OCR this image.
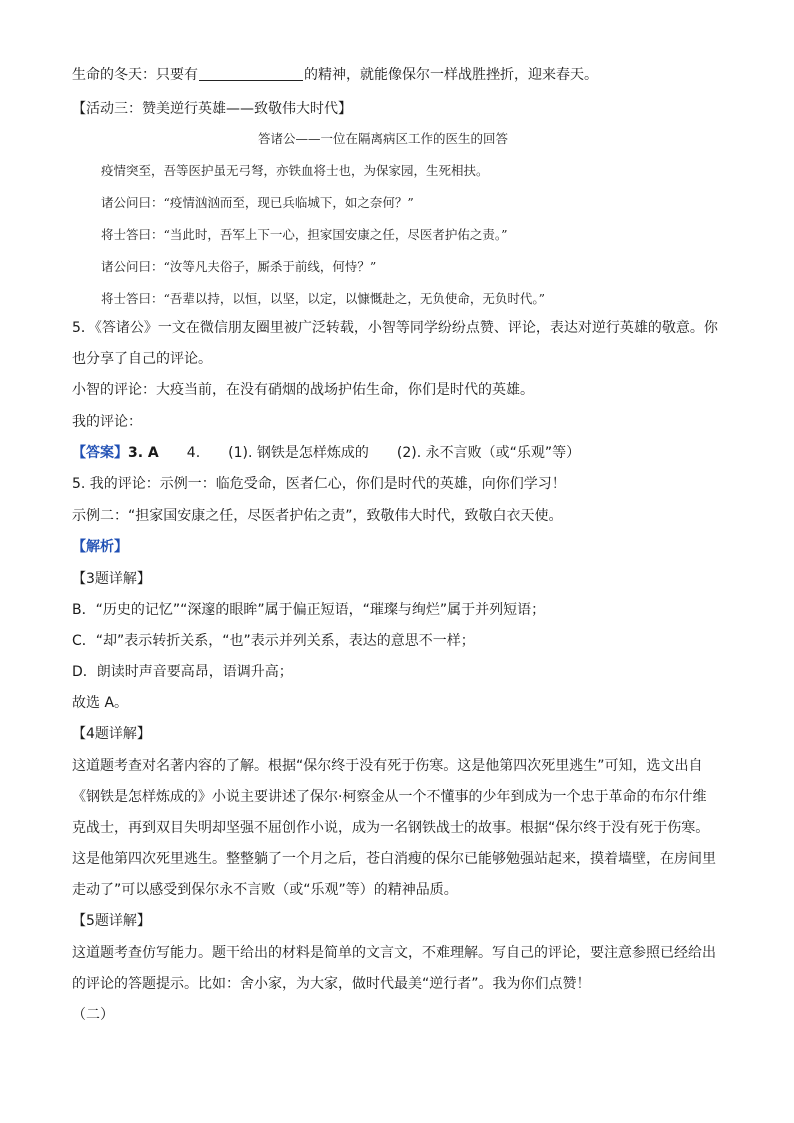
生命的冬天：只要有	的精神，就能像保尔一样战胜挫折，迎来春天。
【活动三：赞美逆行英雄——致敬伟大时代】
答诸公——一位在隔离病区工作的医生的回答
疫情突至，吾等医护虽无弓弩，亦铁血将士也，为保家园，生死相扶。
诸公问曰：“疫情汹汹而至，现已兵临城下，如之奈何？”
将士答曰：“当此时，吾军上下一心，担家国安康之任，尽医者护佑之责。”
诸公问曰：“汝等凡夫俗子，厮杀于前线，何恃？”
将士答曰：“吾辈以持，以恒，以坚，以定，以慷慨赴之，无负使命，无负时代。”
5．《答诸公》一文在微信朋友圈里被广泛转载，小智等同学纷纷点赞、评论，表达对逆行英雄的敬意。你
也分享了自己的评论。
小智的评论：大疫当前，在没有硝烟的战场护佑生命，你们是时代的英雄。
我的评论：
【答案】3. A 4. (1). 钢铁是怎样炼成的 (2). 永不言败（或“乐观”等）
5. 我的评论：示例一：临危受命，医者仁心，你们是时代的英雄，向你们学习！
示例二：“担家国安康之任，尽医者护佑之责”，致敬伟大时代，致敬白衣天使。
【解析】
【3题详解】
B．“历史的记忆”“深邃的眼眸”属于偏正短语，“璀璨与绚烂”属于并列短语；
C．“却”表示转折关系，“也”表示并列关系，表达的意思不一样；
D．朗读时声音要高昂，语调升高；
故选 A。
【4题详解】
这道题考查对名著内容的了解。根据“保尔终于没有死于伤寒。这是他第四次死里逃生”可知，选文出自
《钢铁是怎样炼成的》小说主要讲述了保尔·柯察金从一个不懂事的少年到成为一个忠于革命的布尔什维
克战士，再到双目失明却坚强不屈创作小说，成为一名钢铁战士的故事。根据“保尔终于没有死于伤寒。
这是他第四次死里逃生。整整躺了一个月之后，苍白消瘦的保尔已能够勉强站起来，摸着墙壁，在房间里
走动了”可以感受到保尔永不言败（或“乐观”等）的精神品质。
【5题详解】
这道题考查仿写能力。题干给出的材料是简单的文言文，不难理解。写自己的评论，要注意参照已经给出
的评论的答题提示。比如：舍小家，为大家，做时代最美“逆行者”。我为你们点赞！
（二）
